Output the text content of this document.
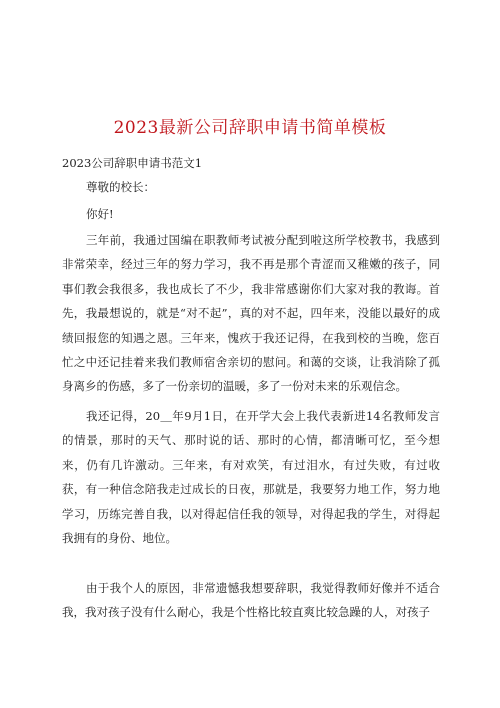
2023最新公司辞职申请书简单模板
2023公司辞职申请书范文1
尊敬的校长：
你好!

三年前，我通过国编在职教师考试被分配到啦这所学校教书，我感到非常荣幸，经过三年的努力学习，我不再是那个青涩而又稚嫩的孩子，同事们教会我很多，我也成长了不少，我非常感谢你们大家对我的教诲。首先，我最想说的，就是“对不起”，真的对不起，四年来，没能以最好的成绩回报您的知遇之恩。三年来，愧疚于我还记得，在我到校的当晚，您百忙之中还记挂着来我们教师宿舍亲切的慰问。和蔼的交谈，让我消除了孤身离乡的伤感，多了一份亲切的温暖，多了一份对未来的乐观信念。

我还记得，20＿年9月1日，在开学大会上我代表新进14名教师发言的情景，那时的天气、那时说的话、那时的心情，都清晰可忆，至今想来，仍有几许激动。三年来，有对欢笑，有过泪水，有过失败，有过收获，有一种信念陪我走过成长的日夜，那就是，我要努力地工作，努力地学习，历练完善自我，以对得起信任我的领导，对得起我的学生，对得起我拥有的身份、地位。

由于我个人的原因，非常遗憾我想要辞职，我觉得教师好像并不适合我，我对孩子没有什么耐心，我是个性格比较直爽比较急躁的人，对孩子
